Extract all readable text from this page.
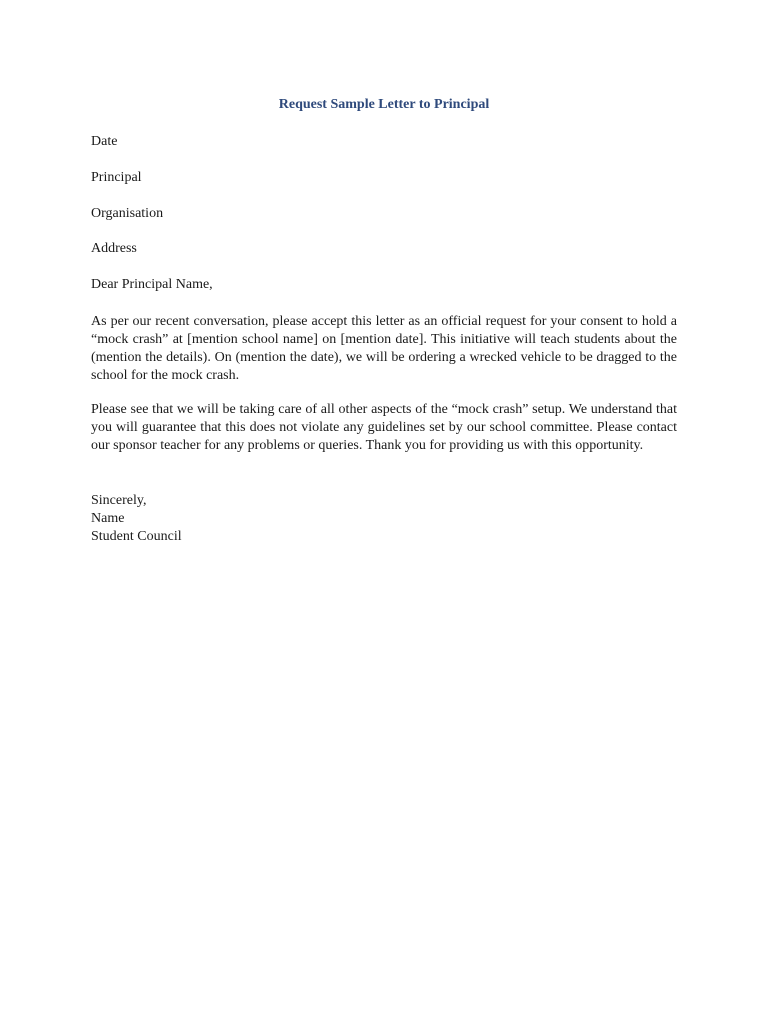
Request Sample Letter to Principal

Date

Principal

Organisation

Address

Dear Principal Name,

As per our recent conversation, please accept this letter as an official request for your consent to hold a “mock crash” at [mention school name] on [mention date]. This initiative will teach students about the (mention the details). On (mention the date), we will be ordering a wrecked vehicle to be dragged to the school for the mock crash.

Please see that we will be taking care of all other aspects of the “mock crash” setup. We understand that you will guarantee that this does not violate any guidelines set by our school committee. Please contact our sponsor teacher for any problems or queries. Thank you for providing us with this opportunity.

Sincerely,
Name
Student Council
